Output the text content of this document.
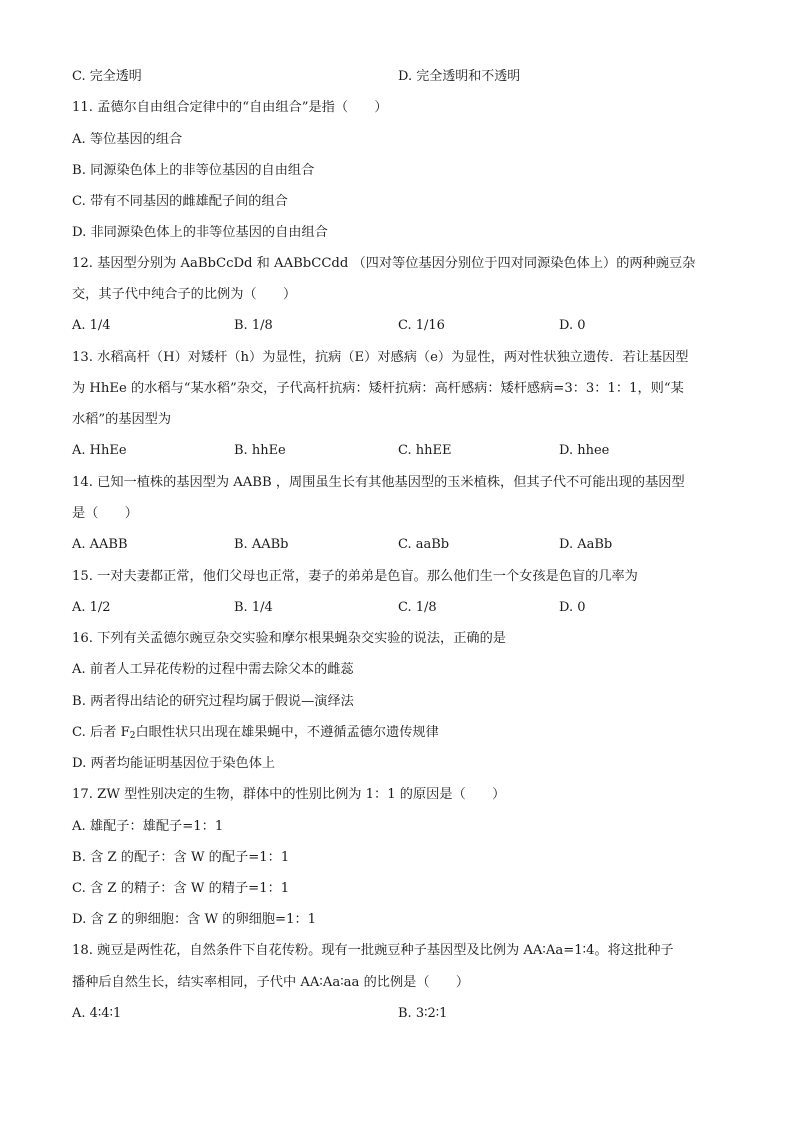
C. 完全透明	D. 完全透明和不透明
11. 孟德尔自由组合定律中的“自由组合”是指（　　）
A. 等位基因的组合
B. 同源染色体上的非等位基因的自由组合
C. 带有不同基因的雌雄配子间的组合
D. 非同源染色体上的非等位基因的自由组合
12. 基因型分别为 AaBbCcDd 和 AABbCCdd （四对等位基因分别位于四对同源染色体上）的两种豌豆杂
交，其子代中纯合子的比例为（　　）
A. 1/4	B. 1/8	C. 1/16	D. 0
13. 水稻高杆（H）对矮杆（h）为显性，抗病（E）对感病（e）为显性，两对性状独立遗传．若让基因型
为 HhEe 的水稻与“某水稻”杂交，子代高杆抗病：矮杆抗病：高杆感病：矮杆感病=3：3：1：1，则“某
水稻”的基因型为
A. HhEe	B. hhEe	C. hhEE	D. hhee
14. 已知一植株的基因型为 AABB ，周围虽生长有其他基因型的玉米植株，但其子代不可能出现的基因型
是（　　）
A. AABB	B. AABb	C. aaBb	D. AaBb
15. 一对夫妻都正常，他们父母也正常，妻子的弟弟是色盲。那么他们生一个女孩是色盲的几率为
A. 1/2	B. 1/4	C. 1/8	D. 0
16. 下列有关孟德尔豌豆杂交实验和摩尔根果蝇杂交实验的说法，正确的是
A. 前者人工异花传粉的过程中需去除父本的雌蕊
B. 两者得出结论的研究过程均属于假说—演绎法
C. 后者 $F_2$白眼性状只出现在雄果蝇中，不遵循孟德尔遗传规律
D. 两者均能证明基因位于染色体上
17. ZW 型性别决定的生物，群体中的性别比例为 1：1 的原因是（　　）
A. 雄配子：雄配子=1：1
B. 含 Z 的配子：含 W 的配子=1：1
C. 含 Z 的精子：含 W 的精子=1：1
D. 含 Z 的卵细胞：含 W 的卵细胞=1：1
18. 豌豆是两性花，自然条件下自花传粉。现有一批豌豆种子基因型及比例为 AA∶Aa=1∶4。将这批种子
播种后自然生长，结实率相同，子代中 AA∶Aa∶aa 的比例是（　　）
A. 4∶4∶1	B. 3∶2∶1
